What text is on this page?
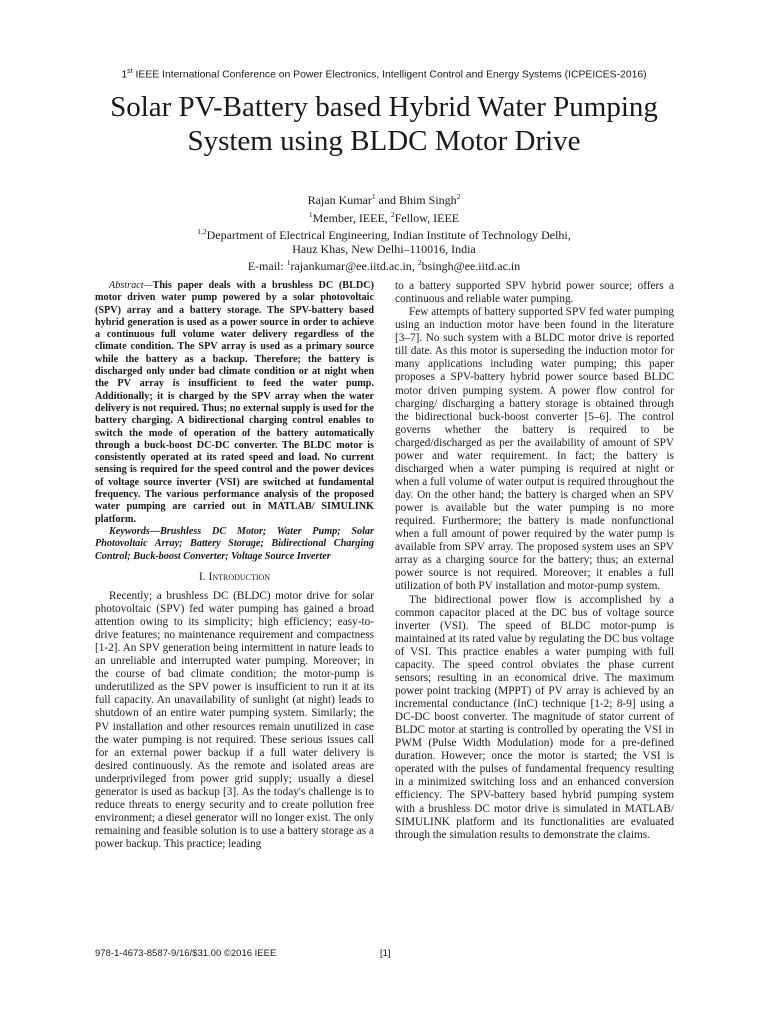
1st IEEE International Conference on Power Electronics, Intelligent Control and Energy Systems (ICPEICES-2016)
Solar PV-Battery based Hybrid Water Pumping
System using BLDC Motor Drive
Rajan Kumar$^1$ and Bhim Singh$^2$
$^1$Member, IEEE, $^2$Fellow, IEEE
$^{1,2}$Department of Electrical Engineering, Indian Institute of Technology Delhi,
Hauz Khas, New Delhi–110016, India
E-mail: $^1$rajankumar@ee.iitd.ac.in, $^2$bsingh@ee.iitd.ac.in

Abstract—This paper deals with a brushless DC (BLDC) motor driven water pump powered by a solar photovoltaic (SPV) array and a battery storage. The SPV-battery based hybrid generation is used as a power source in order to achieve a continuous full volume water delivery regardless of the climate condition. The SPV array is used as a primary source while the battery as a backup. Therefore; the battery is discharged only under bad climate condition or at night when the PV array is insufficient to feed the water pump. Additionally; it is charged by the SPV array when the water delivery is not required. Thus; no external supply is used for the battery charging. A bidirectional charging control enables to switch the mode of operation of the battery automatically through a buck-boost DC-DC converter. The BLDC motor is consistently operated at its rated speed and load. No current sensing is required for the speed control and the power devices of voltage source inverter (VSI) are switched at fundamental frequency. The various performance analysis of the proposed water pumping are carried out in MATLAB/ SIMULINK platform.

Keywords—Brushless DC Motor; Water Pump; Solar Photovoltaic Array; Battery Storage; Bidirectional Charging Control; Buck-boost Converter; Voltage Source Inverter

I. Introduction

Recently; a brushless DC (BLDC) motor drive for solar photovoltaic (SPV) fed water pumping has gained a broad attention owing to its simplicity; high efficiency; easy-to-drive features; no maintenance requirement and compactness [1-2]. An SPV generation being intermittent in nature leads to an unreliable and interrupted water pumping. Moreover; in the course of bad climate condition; the motor-pump is underutilized as the SPV power is insufficient to run it at its full capacity. An unavailability of sunlight (at night) leads to shutdown of an entire water pumping system. Similarly; the PV installation and other resources remain unutilized in case the water pumping is not required. These serious issues call for an external power backup if a full water delivery is desired continuously. As the remote and isolated areas are underprivileged from power grid supply; usually a diesel generator is used as backup [3]. As the today's challenge is to reduce threats to energy security and to create pollution free environment; a diesel generator will no longer exist. The only remaining and feasible solution is to use a battery storage as a power backup. This practice; leading

to a battery supported SPV hybrid power source; offers a continuous and reliable water pumping.

Few attempts of battery supported SPV fed water pumping using an induction motor have been found in the literature [3–7]. No such system with a BLDC motor drive is reported till date. As this motor is superseding the induction motor for many applications including water pumping; this paper proposes a SPV-battery hybrid power source based BLDC motor driven pumping system. A power flow control for charging/ discharging a battery storage is obtained through the bidirectional buck-boost converter [5–6]. The control governs whether the battery is required to be charged/discharged as per the availability of amount of SPV power and water requirement. In fact; the battery is discharged when a water pumping is required at night or when a full volume of water output is required throughout the day. On the other hand; the battery is charged when an SPV power is available but the water pumping is no more required. Furthermore; the battery is made nonfunctional when a full amount of power required by the water pump is available from SPV array. The proposed system uses an SPV array as a charging source for the battery; thus; an external power source is not required. Moreover; it enables a full utilization of both PV installation and motor-pump system.

The bidirectional power flow is accomplished by a common capacitor placed at the DC bus of voltage source inverter (VSI). The speed of BLDC motor-pump is maintained at its rated value by regulating the DC bus voltage of VSI. This practice enables a water pumping with full capacity. The speed control obviates the phase current sensors; resulting in an economical drive. The maximum power point tracking (MPPT) of PV array is achieved by an incremental conductance (InC) technique [1-2; 8-9] using a DC-DC boost converter. The magnitude of stator current of BLDC motor at starting is controlled by operating the VSI in PWM (Pulse Width Modulation) mode for a pre-defined duration. However; once the motor is started; the VSI is operated with the pulses of fundamental frequency resulting in a minimized switching loss and an enhanced conversion efficiency. The SPV-battery based hybrid pumping system with a brushless DC motor drive is simulated in MATLAB/ SIMULINK platform and its functionalities are evaluated through the simulation results to demonstrate the claims.

978-1-4673-8587-9/16/$31.00 ©2016 IEEE	[1]
